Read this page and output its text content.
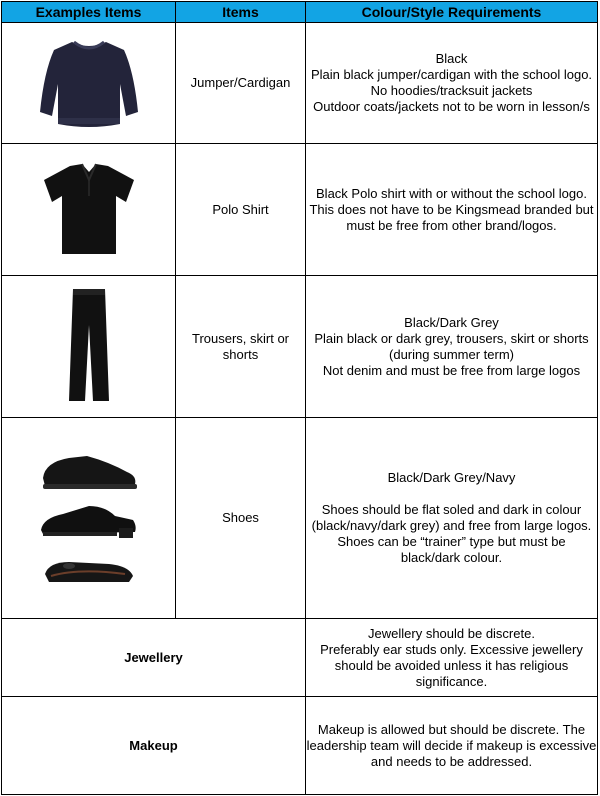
Examples Items	Items	Colour/Style Requirements
	Jumper/Cardigan	Black
Plain black jumper/cardigan with the school logo.
No hoodies/tracksuit jackets
Outdoor coats/jackets not to be worn in lesson/s

	Polo Shirt	Black Polo shirt with or without the school logo. This does not have to be Kingsmead branded but must be free from other brand/logos.

	Trousers, skirt or shorts	Black/Dark Grey
Plain black or dark grey, trousers, skirt or shorts (during summer term)
Not denim and must be free from large logos

	Shoes	Black/Dark Grey/Navy
Shoes should be flat soled and dark in colour (black/navy/dark grey) and free from large logos.
Shoes can be “trainer” type but must be black/dark colour.

Jewellery		Jewellery should be discrete.
Preferably ear studs only. Excessive jewellery should be avoided unless it has religious significance.

Makeup		Makeup is allowed but should be discrete. The leadership team will decide if makeup is excessive and needs to be addressed.
